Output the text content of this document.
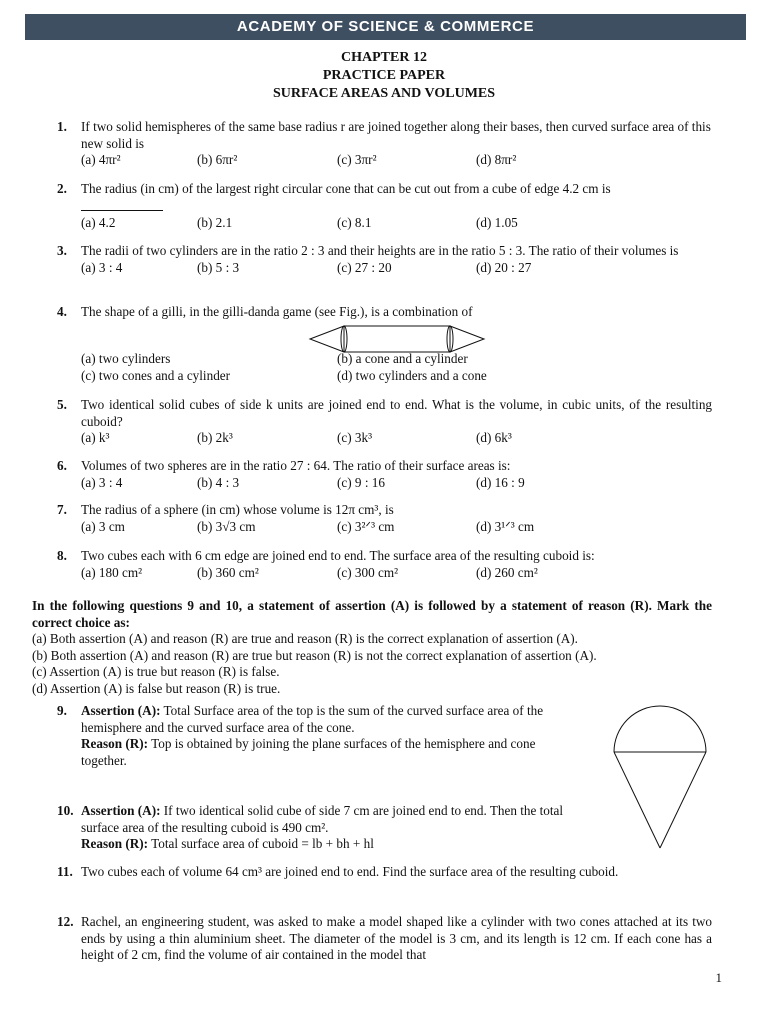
ACADEMY OF SCIENCE & COMMERCE
CHAPTER 12
PRACTICE PAPER
SURFACE AREAS AND VOLUMES
1. If two solid hemispheres of the same base radius r are joined together along their bases, then curved surface area of this new solid is
(a) 4πr²	(b) 6πr²	(c) 3πr²	(d) 8πr²
2. The radius (in cm) of the largest right circular cone that can be cut out from a cube of edge 4.2 cm is
(a) 4.2	(b) 2.1	(c) 8.1	(d) 1.05
3. The radii of two cylinders are in the ratio 2 : 3 and their heights are in the ratio 5 : 3. The ratio of their volumes is
(a) 3 : 4	(b) 5 : 3	(c) 27 : 20	(d) 20 : 27
4. The shape of a gilli, in the gilli-danda game (see Fig.), is a combination of
(a) two cylinders	(b) a cone and a cylinder
(c) two cones and a cylinder	(d) two cylinders and a cone
5. Two identical solid cubes of side k units are joined end to end. What is the volume, in cubic units, of the resulting cuboid?
(a) k³	(b) 2k³	(c) 3k³	(d) 6k³
6. Volumes of two spheres are in the ratio 27 : 64. The ratio of their surface areas is:
(a) 3 : 4	(b) 4 : 3	(c) 9 : 16	(d) 16 : 9
7. The radius of a sphere (in cm) whose volume is 12π cm³, is
(a) 3 cm	(b) 3√3 cm	(c) 3²ᐟ³ cm	(d) 3¹ᐟ³ cm
8. Two cubes each with 6 cm edge are joined end to end. The surface area of the resulting cuboid is:
(a) 180 cm²	(b) 360 cm²	(c) 300 cm²	(d) 260 cm²
In the following questions 9 and 10, a statement of assertion (A) is followed by a statement of reason (R). Mark the correct choice as:
(a) Both assertion (A) and reason (R) are true and reason (R) is the correct explanation of assertion (A).
(b) Both assertion (A) and reason (R) are true but reason (R) is not the correct explanation of assertion (A).
(c) Assertion (A) is true but reason (R) is false.
(d) Assertion (A) is false but reason (R) is true.
9. Assertion (A): Total Surface area of the top is the sum of the curved surface area of the hemisphere and the curved surface area of the cone.
Reason (R): Top is obtained by joining the plane surfaces of the hemisphere and cone together.
10. Assertion (A): If two identical solid cube of side 7 cm are joined end to end. Then the total surface area of the resulting cuboid is 490 cm².
Reason (R): Total surface area of cuboid = lb + bh + hl
11. Two cubes each of volume 64 cm³ are joined end to end. Find the surface area of the resulting cuboid.
12. Rachel, an engineering student, was asked to make a model shaped like a cylinder with two cones attached at its two ends by using a thin aluminium sheet. The diameter of the model is 3 cm, and its length is 12 cm. If each cone has a height of 2 cm, find the volume of air contained in the model that
1
